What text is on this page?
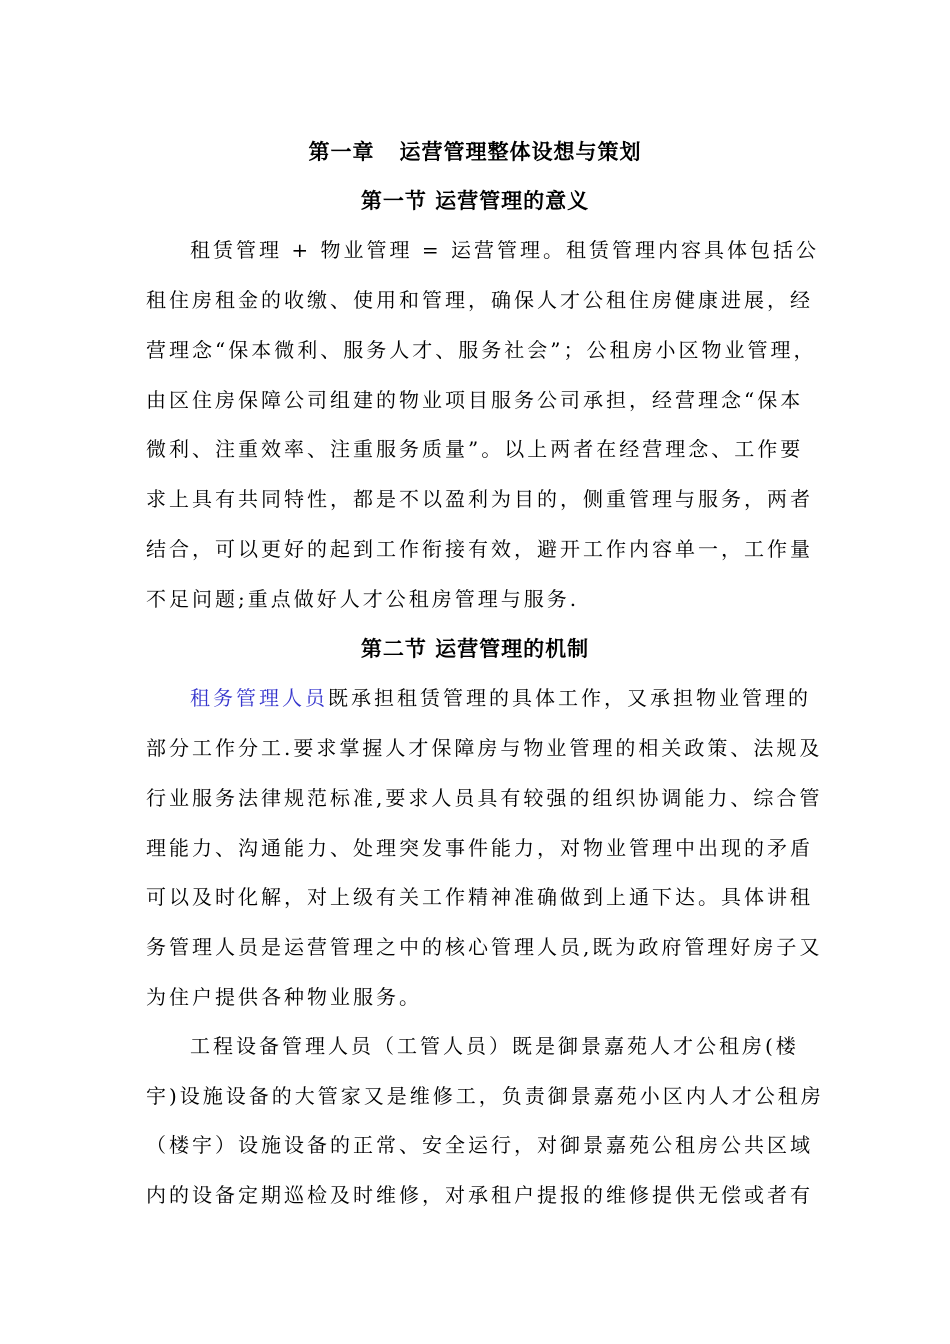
第一章   运营管理整体设想与策划
第一节 运营管理的意义
租赁管理 + 物业管理 = 运营管理。租赁管理内容具体包括公
租住房租金的收缴、使用和管理，确保人才公租住房健康进展，经
营理念“保本微利、服务人才、服务社会”；公租房小区物业管理，
由区住房保障公司组建的物业项目服务公司承担，经营理念“保本
微利、注重效率、注重服务质量”。以上两者在经营理念、工作要
求上具有共同特性，都是不以盈利为目的，侧重管理与服务，两者
结合，可以更好的起到工作衔接有效，避开工作内容单一，工作量
不足问题;重点做好人才公租房管理与服务.
第二节 运营管理的机制
租务管理人员既承担租赁管理的具体工作，又承担物业管理的
部分工作分工.要求掌握人才保障房与物业管理的相关政策、法规及
行业服务法律规范标准,要求人员具有较强的组织协调能力、综合管
理能力、沟通能力、处理突发事件能力，对物业管理中出现的矛盾
可以及时化解，对上级有关工作精神准确做到上通下达。具体讲租
务管理人员是运营管理之中的核心管理人员,既为政府管理好房子又
为住户提供各种物业服务。
工程设备管理人员（工管人员）既是御景嘉苑人才公租房(楼
宇)设施设备的大管家又是维修工，负责御景嘉苑小区内人才公租房
（楼宇）设施设备的正常、安全运行，对御景嘉苑公租房公共区域
内的设备定期巡检及时维修，对承租户提报的维修提供无偿或者有
